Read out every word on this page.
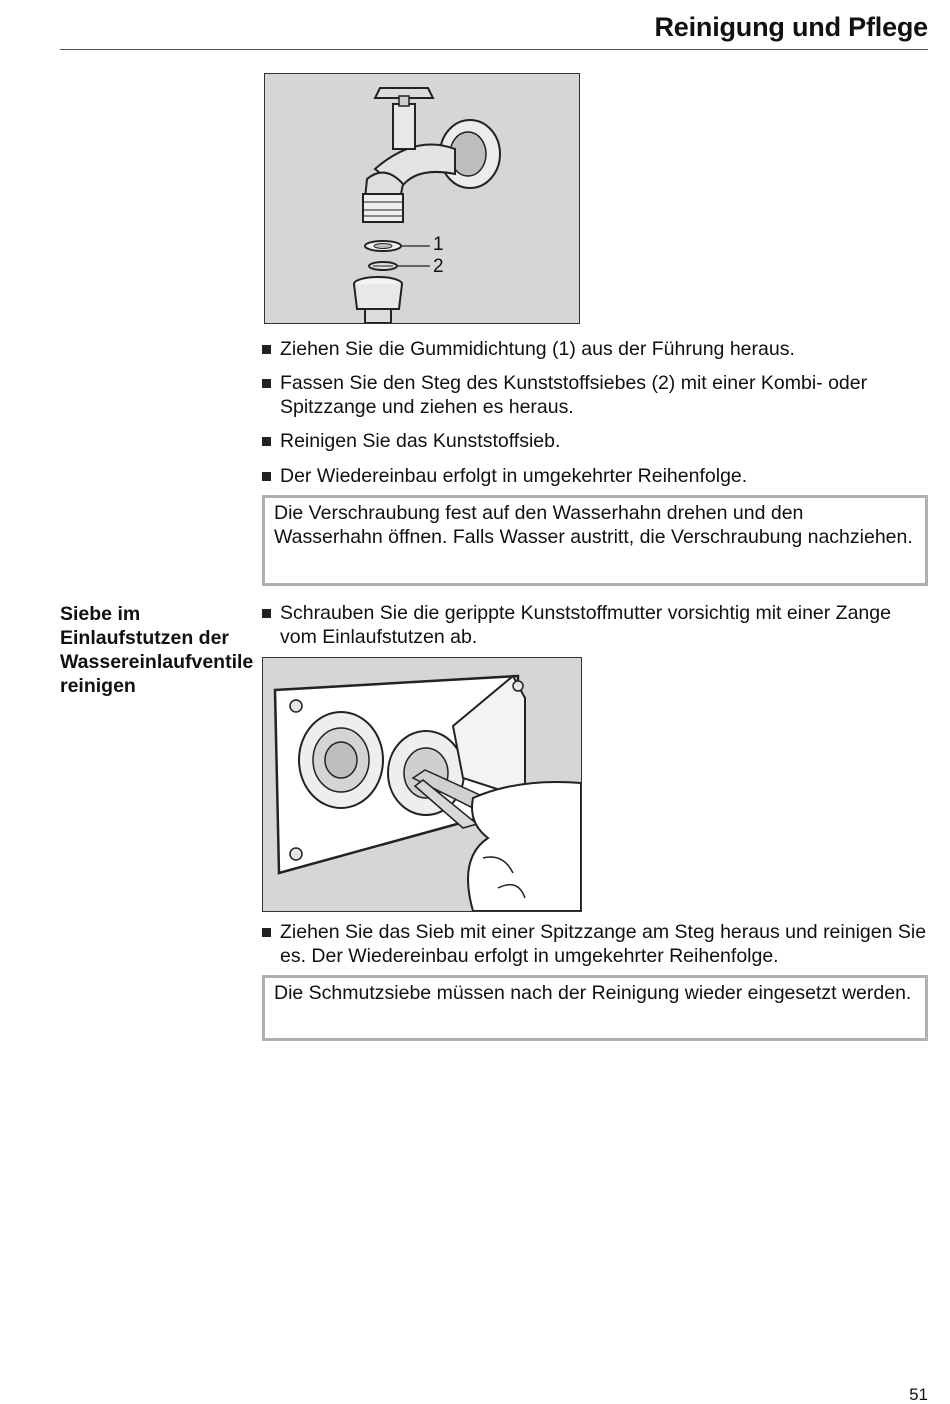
Reinigung und Pflege
1
2

Ziehen Sie die Gummidichtung (1) aus der Führung heraus.

Fassen Sie den Steg des Kunststoffsiebes (2) mit einer Kombi- oder Spitzzange und ziehen es heraus.

Reinigen Sie das Kunststoffsieb.

Der Wiedereinbau erfolgt in umgekehrter Reihenfolge.

Die Verschraubung fest auf den Wasserhahn drehen und den Wasserhahn öffnen. Falls Wasser austritt, die Verschraubung nachziehen.
Siebe im Einlaufstutzen der Wassereinlaufventile reinigen

Schrauben Sie die gerippte Kunststoffmutter vorsichtig mit einer Zange vom Einlaufstutzen ab.

Ziehen Sie das Sieb mit einer Spitzzange am Steg heraus und reinigen Sie es. Der Wiedereinbau erfolgt in umgekehrter Reihenfolge.

Die Schmutzsiebe müssen nach der Reinigung wieder eingesetzt werden.
51
